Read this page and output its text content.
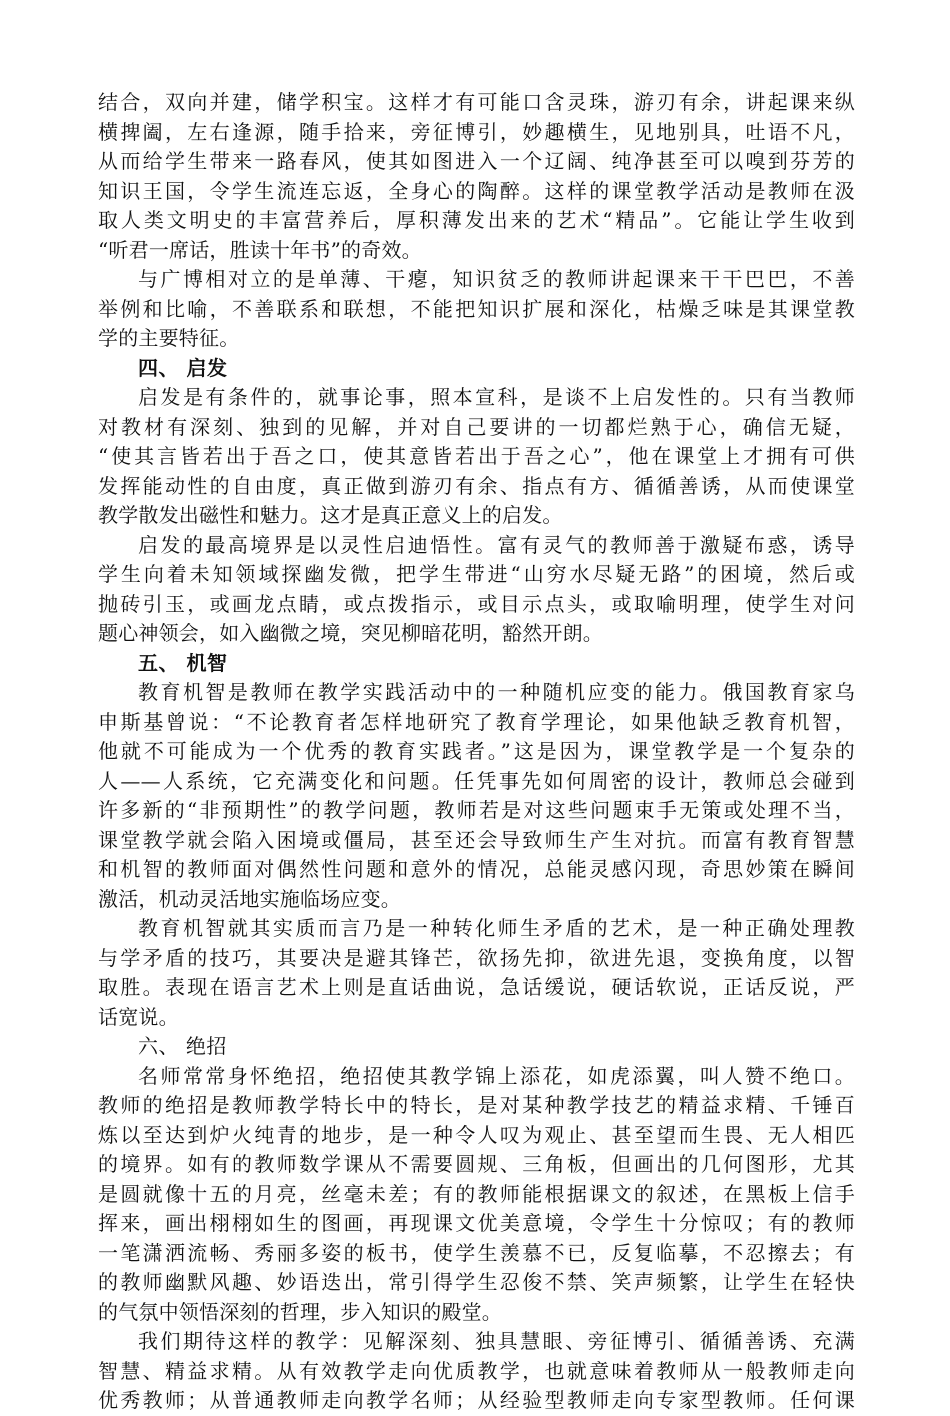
结合，双向并建，储学积宝。这样才有可能口含灵珠，游刃有余，讲起课来纵
横捭阖，左右逢源，随手拾来，旁征博引，妙趣横生，见地别具，吐语不凡，
从而给学生带来一路春风，使其如图进入一个辽阔、纯净甚至可以嗅到芬芳的
知识王国，令学生流连忘返，全身心的陶醉。这样的课堂教学活动是教师在汲
取人类文明史的丰富营养后，厚积薄发出来的艺术“精品”。它能让学生收到
“听君一席话，胜读十年书”的奇效。
与广博相对立的是单薄、干瘪，知识贫乏的教师讲起课来干干巴巴，不善
举例和比喻，不善联系和联想，不能把知识扩展和深化，枯燥乏味是其课堂教
学的主要特征。
四、 启发
启发是有条件的，就事论事，照本宣科，是谈不上启发性的。只有当教师
对教材有深刻、独到的见解，并对自己要讲的一切都烂熟于心，确信无疑，
“使其言皆若出于吾之口，使其意皆若出于吾之心”，他在课堂上才拥有可供
发挥能动性的自由度，真正做到游刃有余、指点有方、循循善诱，从而使课堂
教学散发出磁性和魅力。这才是真正意义上的启发。
启发的最高境界是以灵性启迪悟性。富有灵气的教师善于激疑布惑，诱导
学生向着未知领域探幽发微，把学生带进“山穷水尽疑无路”的困境，然后或
抛砖引玉，或画龙点睛，或点拨指示，或目示点头，或取喻明理，使学生对问
题心神领会，如入幽微之境，突见柳暗花明，豁然开朗。
五、 机智
教育机智是教师在教学实践活动中的一种随机应变的能力。俄国教育家乌
申斯基曾说：“不论教育者怎样地研究了教育学理论，如果他缺乏教育机智，
他就不可能成为一个优秀的教育实践者。”这是因为，课堂教学是一个复杂的
人——人系统，它充满变化和问题。任凭事先如何周密的设计，教师总会碰到
许多新的“非预期性”的教学问题，教师若是对这些问题束手无策或处理不当，
课堂教学就会陷入困境或僵局，甚至还会导致师生产生对抗。而富有教育智慧
和机智的教师面对偶然性问题和意外的情况，总能灵感闪现，奇思妙策在瞬间
激活，机动灵活地实施临场应变。
教育机智就其实质而言乃是一种转化师生矛盾的艺术，是一种正确处理教
与学矛盾的技巧，其要决是避其锋芒，欲扬先抑，欲进先退，变换角度，以智
取胜。表现在语言艺术上则是直话曲说，急话缓说，硬话软说，正话反说，严
话宽说。
六、 绝招
名师常常身怀绝招，绝招使其教学锦上添花，如虎添翼，叫人赞不绝口。
教师的绝招是教师教学特长中的特长，是对某种教学技艺的精益求精、千锤百
炼以至达到炉火纯青的地步，是一种令人叹为观止、甚至望而生畏、无人相匹
的境界。如有的教师数学课从不需要圆规、三角板，但画出的几何图形，尤其
是圆就像十五的月亮，丝毫未差；有的教师能根据课文的叙述，在黑板上信手
挥来，画出栩栩如生的图画，再现课文优美意境，令学生十分惊叹；有的教师
一笔潇洒流畅、秀丽多姿的板书，使学生羡慕不已，反复临摹，不忍擦去；有
的教师幽默风趣、妙语迭出，常引得学生忍俊不禁、笑声频繁，让学生在轻快
的气氛中领悟深刻的哲理，步入知识的殿堂。
我们期待这样的教学：见解深刻、独具慧眼、旁征博引、循循善诱、充满
智慧、精益求精。从有效教学走向优质教学，也就意味着教师从一般教师走向
优秀教师；从普通教师走向教学名师；从经验型教师走向专家型教师。任何课
